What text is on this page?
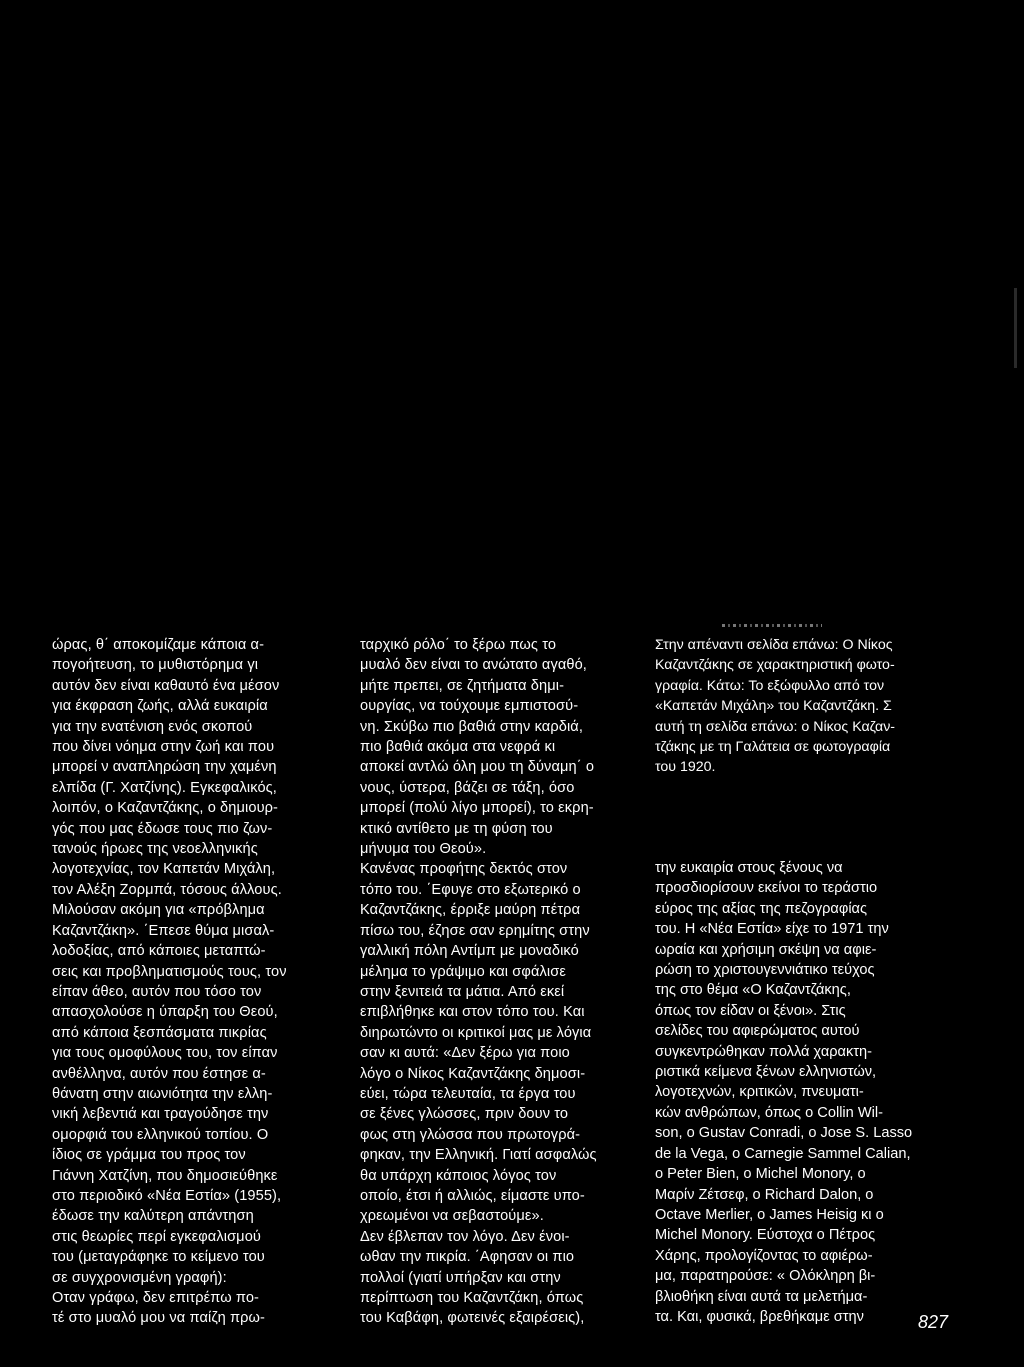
ώρας, θ΄ αποκομίζαμε κάποια α-
πογοήτευση, το μυθιστόρημα γι
αυτόν δεν είναι καθαυτό ένα μέσον
για έκφραση ζωής, αλλά ευκαιρία
για την ενατένιση ενός σκοπού
που δίνει νόημα στην ζωή και που
μπορεί ν αναπληρώση την χαμένη
ελπίδα (Γ. Χατζίνης). Εγκεφαλικός,
λοιπόν, ο Καζαντζάκης, ο δημιουρ-
γός που μας έδωσε τους πιο ζων-
τανούς ήρωες της νεοελληνικής
λογοτεχνίας, τον Καπετάν Μιχάλη,
τον Αλέξη Ζορμπά, τόσους άλλους.
Μιλούσαν ακόμη για «πρόβλημα
Καζαντζάκη». ΄Επεσε θύμα μισαλ-
λοδοξίας, από κάποιες μεταπτώ-
σεις και προβληματισμούς τους, τον
είπαν άθεο, αυτόν που τόσο τον
απασχολούσε η ύπαρξη του Θεού,
από κάποια ξεσπάσματα πικρίας
για τους ομοφύλους του, τον είπαν
ανθέλληνα, αυτόν που έστησε α-
θάνατη στην αιωνιότητα την ελλη-
νική λεβεντιά και τραγούδησε την
ομορφιά του ελληνικού τοπίου. Ο
ίδιος σε γράμμα του προς τον
Γιάννη Χατζίνη, που δημοσιεύθηκε
στο περιοδικό «Νέα Εστία» (1955),
έδωσε την καλύτερη απάντηση
στις θεωρίες περί εγκεφαλισμού
του (μεταγράφηκε το κείμενο του
σε συγχρονισμένη γραφή):
Οταν γράφω, δεν επιτρέπω πο-
τέ στο μυαλό μου να παίζη πρω-

ταρχικό ρόλο΄ το ξέρω πως το
μυαλό δεν είναι το ανώτατο αγαθό,
μήτε πρεπει, σε ζητήματα δημι-
ουργίας, να τούχουμε εμπιστοσύ-
νη. Σκύβω πιο βαθιά στην καρδιά,
πιο βαθιά ακόμα στα νεφρά κι
αποκεί αντλώ όλη μου τη δύναμη΄ ο
νους, ύστερα, βάζει σε τάξη, όσο
μπορεί (πολύ λίγο μπορεί), το εκρη-
κτικό αντίθετο με τη φύση του
μήνυμα του Θεού».
Κανένας προφήτης δεκτός στον
τόπο του. ΄Εφυγε στο εξωτερικό ο
Καζαντζάκης, έρριξε μαύρη πέτρα
πίσω του, έζησε σαν ερημίτης στην
γαλλική πόλη Αντίμπ με μοναδικό
μέλημα το γράψιμο και σφάλισε
στην ξενιτειά τα μάτια. Από εκεί
επιβλήθηκε και στον τόπο του. Και
διηρωτώντο οι κριτικοί μας με λόγια
σαν κι αυτά: «Δεν ξέρω για ποιο
λόγο ο Νίκος Καζαντζάκης δημοσι-
εύει, τώρα τελευταία, τα έργα του
σε ξένες γλώσσες, πριν δουν το
φως στη γλώσσα που πρωτογρά-
φηκαν, την Ελληνική. Γιατί ασφαλώς
θα υπάρχη κάποιος λόγος τον
οποίο, έτσι ή αλλιώς, είμαστε υπο-
χρεωμένοι να σεβαστούμε».
Δεν έβλεπαν τον λόγο. Δεν ένοι-
ωθαν την πικρία. ΄Αφησαν οι πιο
πολλοί (γιατί υπήρξαν και στην
περίπτωση του Καζαντζάκη, όπως
του Καβάφη, φωτεινές εξαιρέσεις),

Στην απέναντι σελίδα επάνω: Ο Νίκος
Καζαντζάκης σε χαρακτηριστική φωτο-
γραφία. Κάτω: Το εξώφυλλο από τον
«Καπετάν Μιχάλη» του Καζαντζάκη. Σ
αυτή τη σελίδα επάνω: ο Νίκος Καζαν-
τζάκης με τη Γαλάτεια σε φωτογραφία
του 1920.

την ευκαιρία στους ξένους να
προσδιορίσουν εκείνοι το τεράστιο
εύρος της αξίας της πεζογραφίας
του. Η «Νέα Εστία» είχε το 1971 την
ωραία και χρήσιμη σκέψη να αφιε-
ρώση το χριστουγεννιάτικο τεύχος
της στο θέμα «Ο Καζαντζάκης,
όπως τον είδαν οι ξένοι». Στις
σελίδες του αφιερώματος αυτού
συγκεντρώθηκαν πολλά χαρακτη-
ριστικά κείμενα ξένων ελληνιστών,
λογοτεχνών, κριτικών, πνευματι-
κών ανθρώπων, όπως ο Collin Wil-
son, ο Gustav Conradi, ο Jose S. Lasso
de la Vega, o Carnegie Sammel Calian,
ο Peter Bien, ο Michel Monory, ο
Μαρίν Ζέτσεφ, ο Richard Dalon, ο
Octave Merlier, ο James Heisig κι ο
Michel Monory. Εύστοχα ο Πέτρος
Χάρης, προλογίζοντας το αφιέρω-
μα, παρατηρούσε: « Ολόκληρη βι-
βλιοθήκη είναι αυτά τα μελετήμα-
τα. Και, φυσικά, βρεθήκαμε στην	827
